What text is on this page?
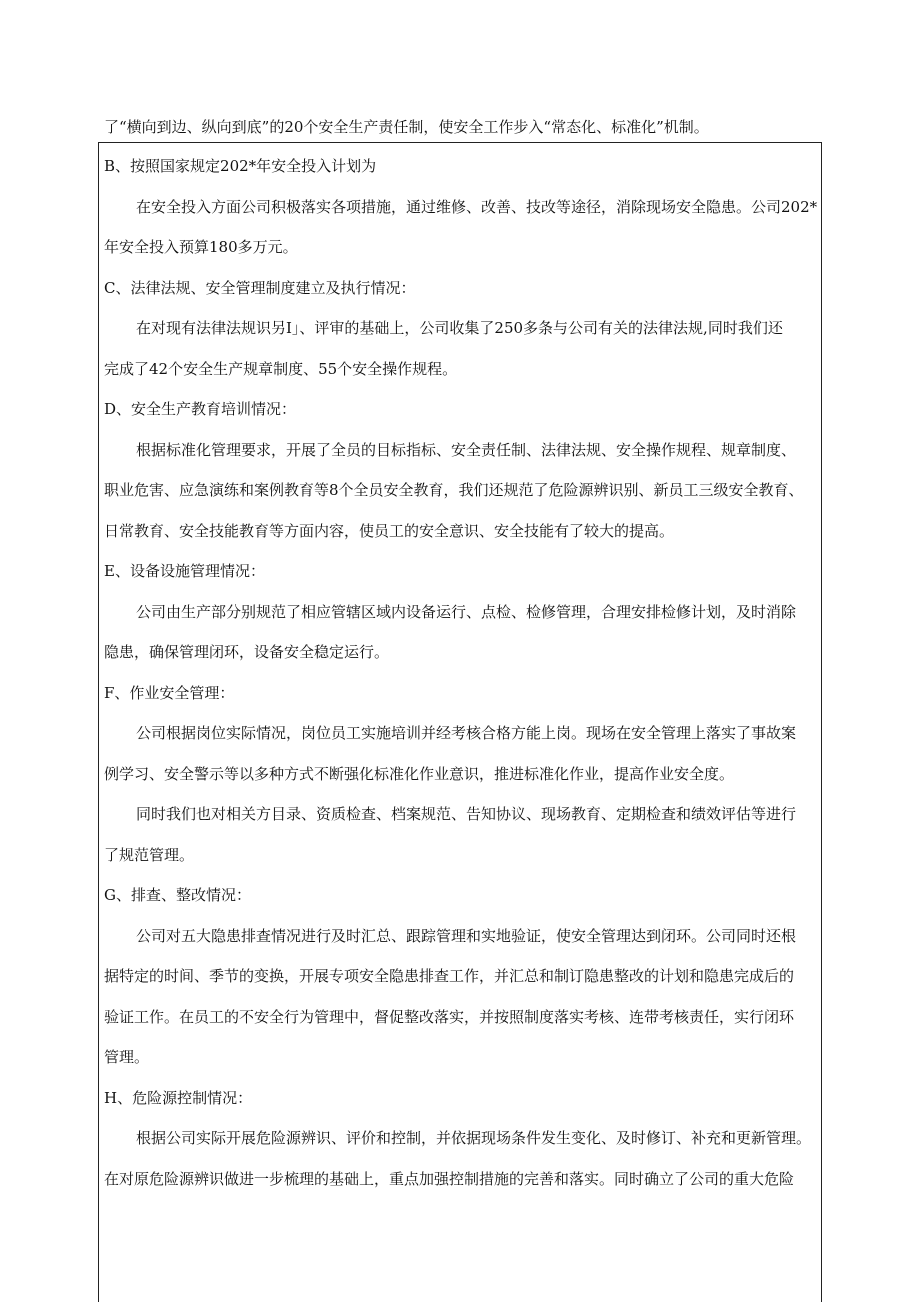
了“横向到边、纵向到底”的20个安全生产责任制，使安全工作步入“常态化、标准化”机制。

B、按照国家规定202*年安全投入计划为

在安全投入方面公司积极落实各项措施，通过维修、改善、技改等途径，消除现场安全隐患。公司202*
年安全投入预算180多万元。

C、法律法规、安全管理制度建立及执行情况：

在对现有法律法规识另I」、评审的基础上，公司收集了250多条与公司有关的法律法规,同时我们还
完成了42个安全生产规章制度、55个安全操作规程。

D、安全生产教育培训情况：

根据标准化管理要求，开展了全员的目标指标、安全责任制、法律法规、安全操作规程、规章制度、
职业危害、应急演练和案例教育等8个全员安全教育，我们还规范了危险源辨识别、新员工三级安全教育、
日常教育、安全技能教育等方面内容，使员工的安全意识、安全技能有了较大的提高。

E、设备设施管理情况：

公司由生产部分别规范了相应管辖区域内设备运行、点检、检修管理，合理安排检修计划，及时消除
隐患，确保管理闭环，设备安全稳定运行。

F、作业安全管理：

公司根据岗位实际情况，岗位员工实施培训并经考核合格方能上岗。现场在安全管理上落实了事故案
例学习、安全警示等以多种方式不断强化标准化作业意识，推进标准化作业，提高作业安全度。

同时我们也对相关方目录、资质检查、档案规范、告知协议、现场教育、定期检查和绩效评估等进行
了规范管理。

G、排查、整改情况：

公司对五大隐患排查情况进行及时汇总、跟踪管理和实地验证，使安全管理达到闭环。公司同时还根
据特定的时间、季节的变换，开展专项安全隐患排查工作，并汇总和制订隐患整改的计划和隐患完成后的
验证工作。在员工的不安全行为管理中，督促整改落实，并按照制度落实考核、连带考核责任，实行闭环
管理。

H、危险源控制情况：

根据公司实际开展危险源辨识、评价和控制，并依据现场条件发生变化、及时修订、补充和更新管理。
在对原危险源辨识做进一步梳理的基础上，重点加强控制措施的完善和落实。同时确立了公司的重大危险
